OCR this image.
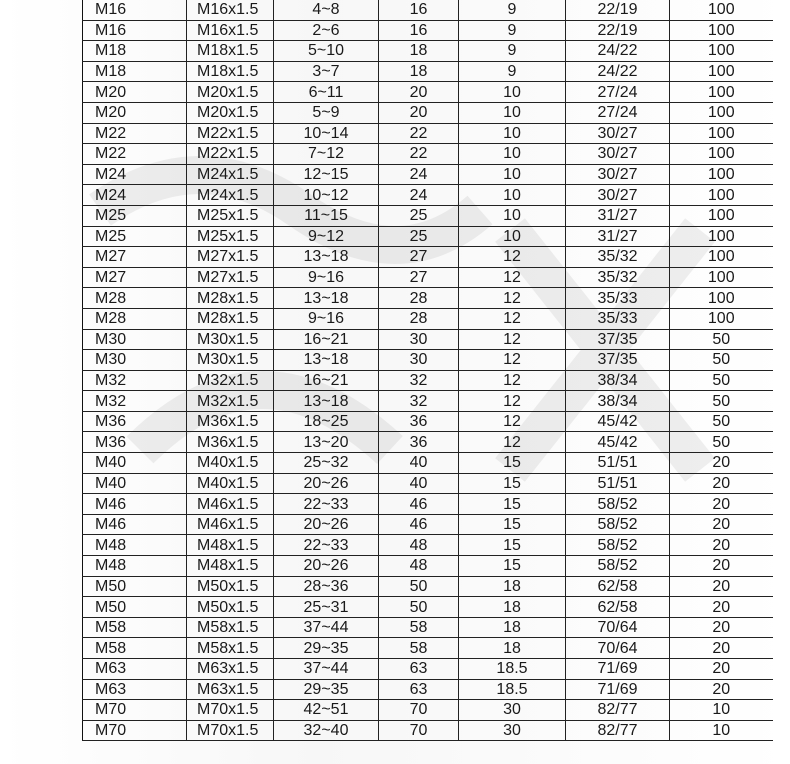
M16	M16x1.5	4~8	16	9	22/19	100
M16	M16x1.5	2~6	16	9	22/19	100
M18	M18x1.5	5~10	18	9	24/22	100
M18	M18x1.5	3~7	18	9	24/22	100
M20	M20x1.5	6~11	20	10	27/24	100
M20	M20x1.5	5~9	20	10	27/24	100
M22	M22x1.5	10~14	22	10	30/27	100
M22	M22x1.5	7~12	22	10	30/27	100
M24	M24x1.5	12~15	24	10	30/27	100
M24	M24x1.5	10~12	24	10	30/27	100
M25	M25x1.5	11~15	25	10	31/27	100
M25	M25x1.5	9~12	25	10	31/27	100
M27	M27x1.5	13~18	27	12	35/32	100
M27	M27x1.5	9~16	27	12	35/32	100
M28	M28x1.5	13~18	28	12	35/33	100
M28	M28x1.5	9~16	28	12	35/33	100
M30	M30x1.5	16~21	30	12	37/35	50
M30	M30x1.5	13~18	30	12	37/35	50
M32	M32x1.5	16~21	32	12	38/34	50
M32	M32x1.5	13~18	32	12	38/34	50
M36	M36x1.5	18~25	36	12	45/42	50
M36	M36x1.5	13~20	36	12	45/42	50
M40	M40x1.5	25~32	40	15	51/51	20
M40	M40x1.5	20~26	40	15	51/51	20
M46	M46x1.5	22~33	46	15	58/52	20
M46	M46x1.5	20~26	46	15	58/52	20
M48	M48x1.5	22~33	48	15	58/52	20
M48	M48x1.5	20~26	48	15	58/52	20
M50	M50x1.5	28~36	50	18	62/58	20
M50	M50x1.5	25~31	50	18	62/58	20
M58	M58x1.5	37~44	58	18	70/64	20
M58	M58x1.5	29~35	58	18	70/64	20
M63	M63x1.5	37~44	63	18.5	71/69	20
M63	M63x1.5	29~35	63	18.5	71/69	20
M70	M70x1.5	42~51	70	30	82/77	10
M70	M70x1.5	32~40	70	30	82/77	10
